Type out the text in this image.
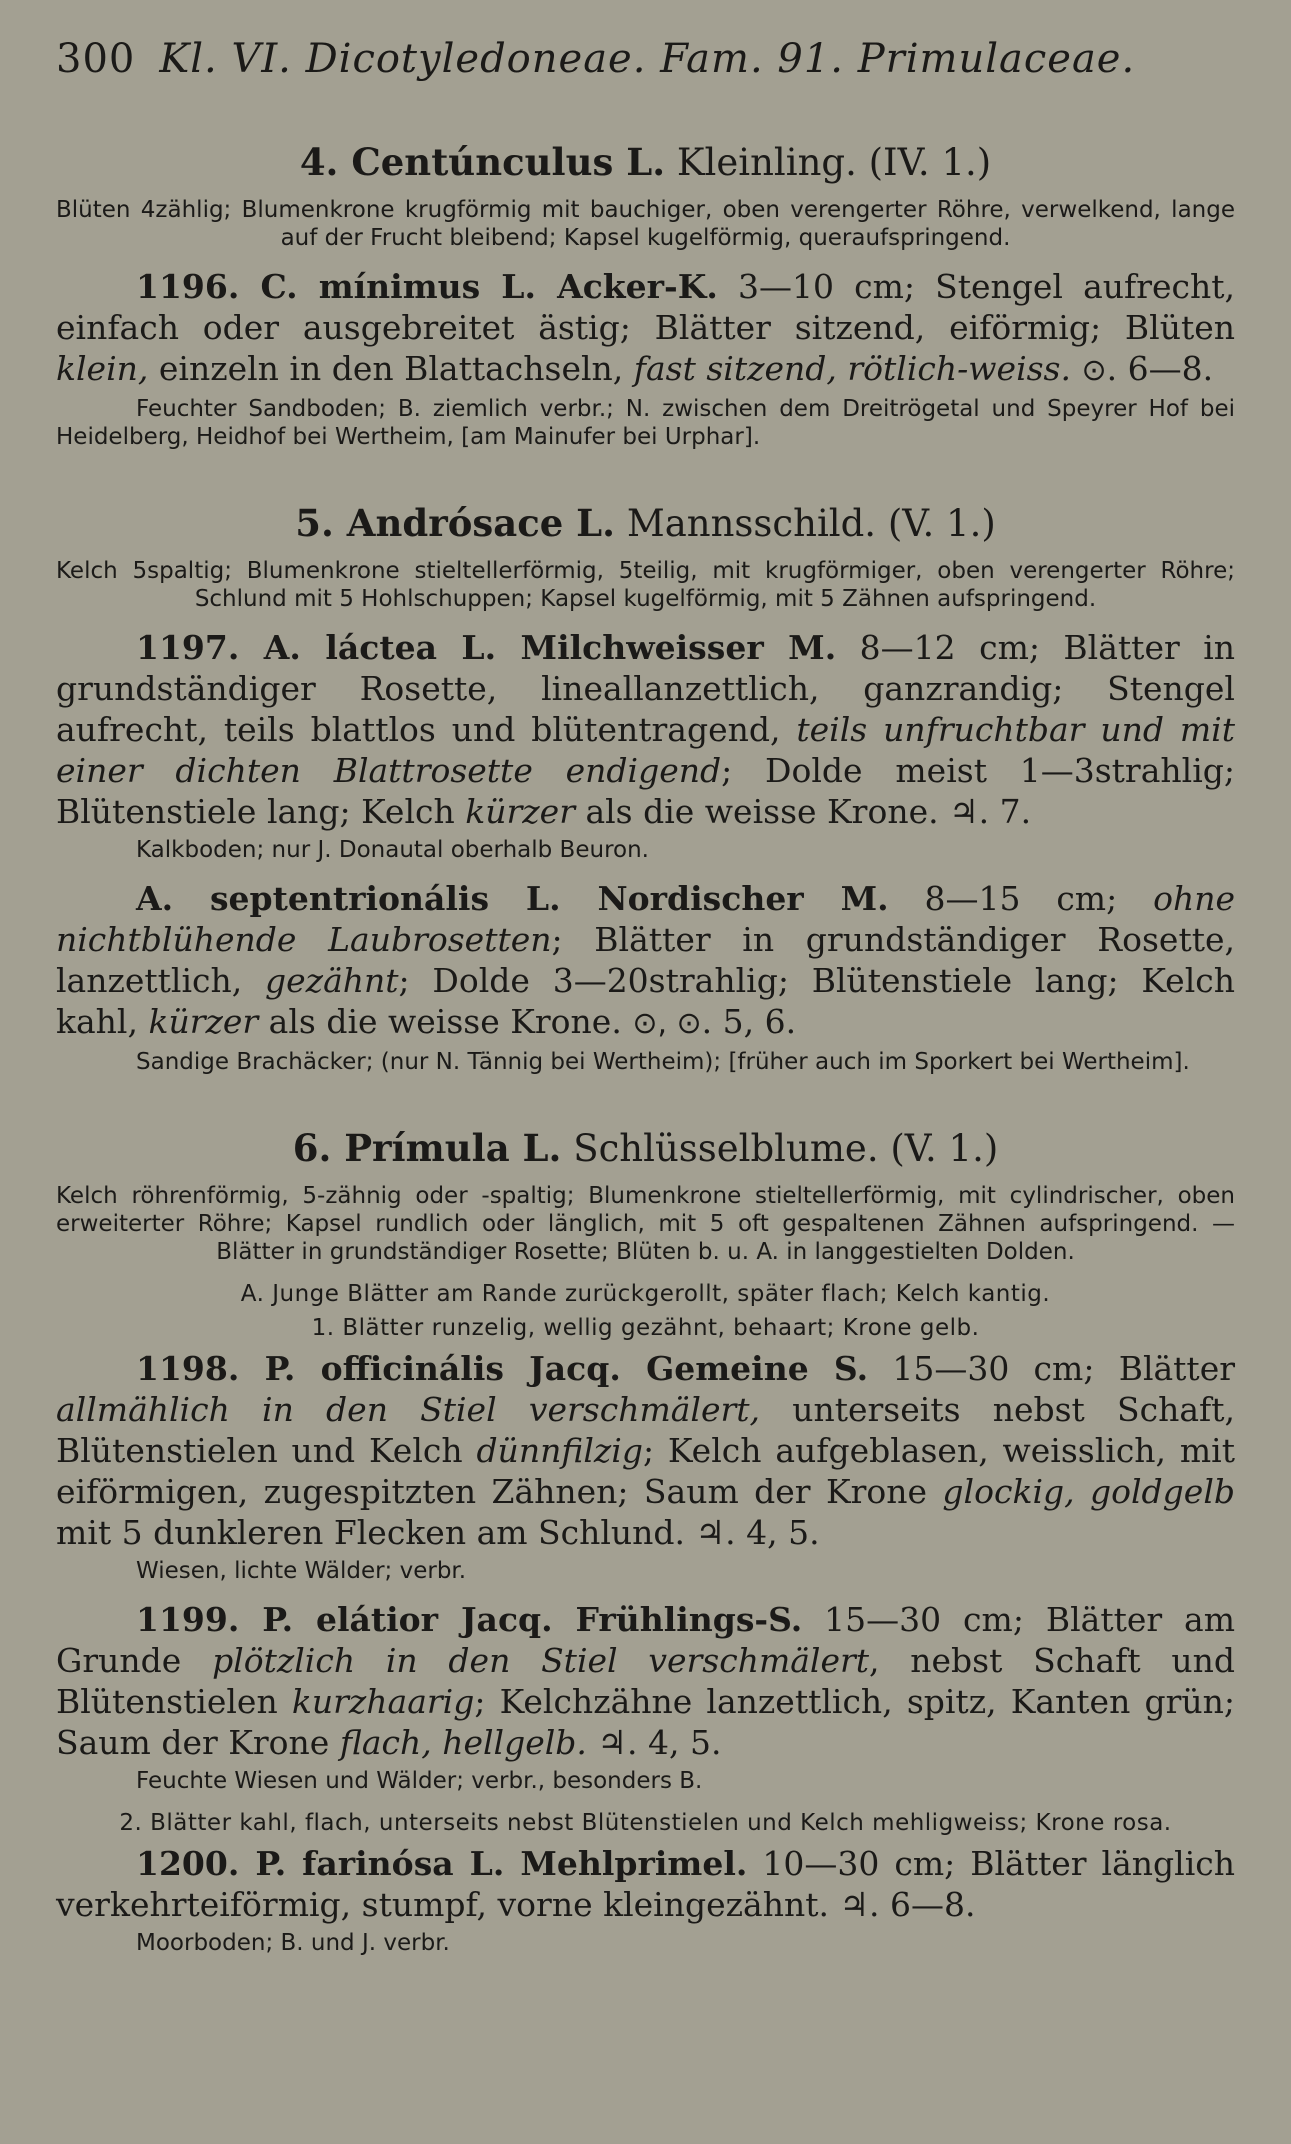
300 Kl. VI. Dicotyledoneae. Fam. 91. Primulaceae.
4. Centúnculus L. Kleinling. (IV. 1.)
Blüten 4zählig; Blumenkrone krugförmig mit bauchiger, oben verengerter Röhre, verwelkend, lange auf der Frucht bleibend; Kapsel kugelförmig, queraufspringend.

1196. C. mínimus L. Acker-K. 3—10 cm; Stengel aufrecht, einfach oder ausgebreitet ästig; Blätter sitzend, eiförmig; Blüten klein, einzeln in den Blattachseln, fast sitzend, rötlich-weiss. ⊙. 6—8.

Feuchter Sandboden; B. ziemlich verbr.; N. zwischen dem Dreitrögetal und Speyrer Hof bei Heidelberg, Heidhof bei Wertheim, [am Mainufer bei Urphar].
5. Andrósace L. Mannsschild. (V. 1.)
Kelch 5spaltig; Blumenkrone stieltellerförmig, 5teilig, mit krugförmiger, oben verengerter Röhre; Schlund mit 5 Hohlschuppen; Kapsel kugelförmig, mit 5 Zähnen aufspringend.

1197. A. láctea L. Milchweisser M. 8—12 cm; Blätter in grundständiger Rosette, lineallanzettlich, ganzrandig; Stengel aufrecht, teils blattlos und blütentragend, teils unfruchtbar und mit einer dichten Blattrosette endigend; Dolde meist 1—3strahlig; Blütenstiele lang; Kelch kürzer als die weisse Krone. ♃. 7.

Kalkboden; nur J. Donautal oberhalb Beuron.

A. septentrionális L. Nordischer M. 8—15 cm; ohne nichtblühende Laubrosetten; Blätter in grundständiger Rosette, lanzettlich, gezähnt; Dolde 3—20strahlig; Blütenstiele lang; Kelch kahl, kürzer als die weisse Krone. ⊙, ⊙. 5, 6.

Sandige Brachäcker; (nur N. Tännig bei Wertheim); [früher auch im Sporkert bei Wertheim].
6. Prímula L. Schlüsselblume. (V. 1.)
Kelch röhrenförmig, 5-zähnig oder -spaltig; Blumenkrone stieltellerförmig, mit cylindrischer, oben erweiterter Röhre; Kapsel rundlich oder länglich, mit 5 oft gespaltenen Zähnen aufspringend. — Blätter in grundständiger Rosette; Blüten b. u. A. in langgestielten Dolden.
A. Junge Blätter am Rande zurückgerollt, später flach; Kelch kantig.
1. Blätter runzelig, wellig gezähnt, behaart; Krone gelb.

1198. P. officinális Jacq. Gemeine S. 15—30 cm; Blätter allmählich in den Stiel verschmälert, unterseits nebst Schaft, Blütenstielen und Kelch dünnfilzig; Kelch aufgeblasen, weisslich, mit eiförmigen, zugespitzten Zähnen; Saum der Krone glockig, goldgelb mit 5 dunkleren Flecken am Schlund. ♃. 4, 5.

Wiesen, lichte Wälder; verbr.

1199. P. elátior Jacq. Frühlings-S. 15—30 cm; Blätter am Grunde plötzlich in den Stiel verschmälert, nebst Schaft und Blütenstielen kurzhaarig; Kelchzähne lanzettlich, spitz, Kanten grün; Saum der Krone flach, hellgelb. ♃. 4, 5.

Feuchte Wiesen und Wälder; verbr., besonders B.
2. Blätter kahl, flach, unterseits nebst Blütenstielen und Kelch mehligweiss; Krone rosa.

1200. P. farinósa L. Mehlprimel. 10—30 cm; Blätter länglich verkehrteiförmig, stumpf, vorne kleingezähnt. ♃. 6—8.

Moorboden; B. und J. verbr.
